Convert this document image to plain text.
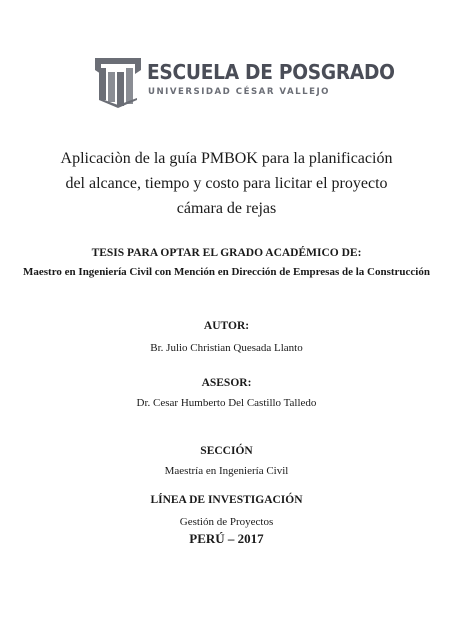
ESCUELA DE POSGRADO
UNIVERSIDAD CÉSAR VALLEJO
Aplicaciòn de la guía PMBOK para la planificación del alcance, tiempo y costo para licitar el proyecto cámara de rejas
TESIS PARA OPTAR EL GRADO ACADÉMICO DE:
Maestro en Ingeniería Civil con Mención en Dirección de Empresas de la Construcción
AUTOR:
Br. Julio Christian Quesada Llanto
ASESOR:
Dr. Cesar Humberto Del Castillo Talledo
SECCIÓN
Maestría en Ingeniería Civil
LÍNEA DE INVESTIGACIÓN
Gestión de Proyectos
PERÚ – 2017
